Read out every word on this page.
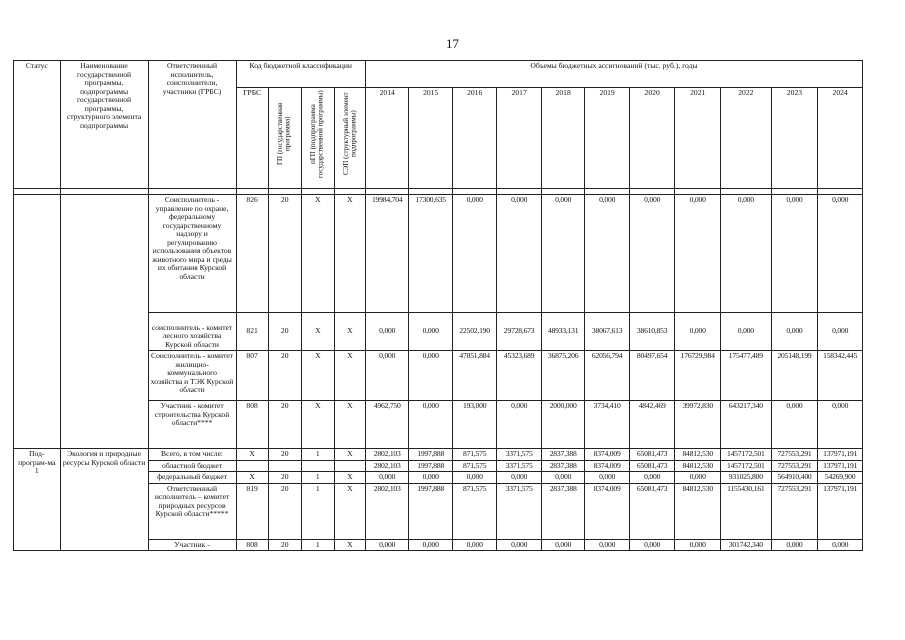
17
Статус	Наименование государственной программы, подпрограммы государственной программы, структурного элемента подпрограммы	Ответственный исполнитель, соисполнители, участники (ГРБС)	Код бюджетной классификации				Объемы бюджетных ассигнований (тыс. руб.), годы										
			ГРБС	ГП (государственная программа)	пГП (подпрограмма государственной программы)	СЭП (структурный элемент подпрограммы)	2014	2015	2016	2017	2018	2019	2020	2021	2022	2023	2024

		Соисполнитель - управление по охране, федеральному государственному надзору и регулированию использования объектов животного мира и среды их обитания Курской области	826	20	X	X	19984,704	17300,635	0,000	0,000	0,000	0,000	0,000	0,000	0,000	0,000	0,000
		соисполнитель - комитет лесного хозяйства Курской области	821	20	X	X	0,000	0,000	22502,190	29728,673	48933,131	38067,613	38610,853	0,000	0,000	0,000	0,000
		Соисполнитель - комитет жилищно-коммунального хозяйства и ТЭК Курской области	807	20	X	X	0,000	0,000	47851,884	45323,689	36875,206	62056,794	80497,654	176729,984	175477,489	205148,199	158342,445
		Участник - комитет строительства Курской области****	808	20	X	X	4962,750	0,000	193,000	0,000	2000,000	3734,410	4842,469	39972,830	643217,340	0,000	0,000
Под-програм-ма 1	Экология и природные ресурсы Курской области	Всего, в том числе:	X	20	1	X	2802,103	1997,888	871,575	3371,575	2837,388	8374,009	65081,473	84812,530	1457172,501	727553,291	137971,191
		областной бюджет					2802,103	1997,888	871,575	3371,575	2837,388	8374,009	65081,473	84812,530	1457172,501	727553,291	137971,191
		федеральный бюджет	X	20	1	X	0,000	0,000	0,000	0,000	0,000	0,000	0,000	0,000	931025,800	564910,400	54269,900
		Ответственный исполнитель – комитет природных ресурсов Курской области*****	819	20	1	X	2802,103	1997,888	871,575	3371,575	2837,388	8374,009	65081,473	84812,530	1155430,161	727553,291	137971,191
		Участник -	808	20	1	X	0,000	0,000	0,000	0,000	0,000	0,000	0,000	0,000	301742,340	0,000	0,000
